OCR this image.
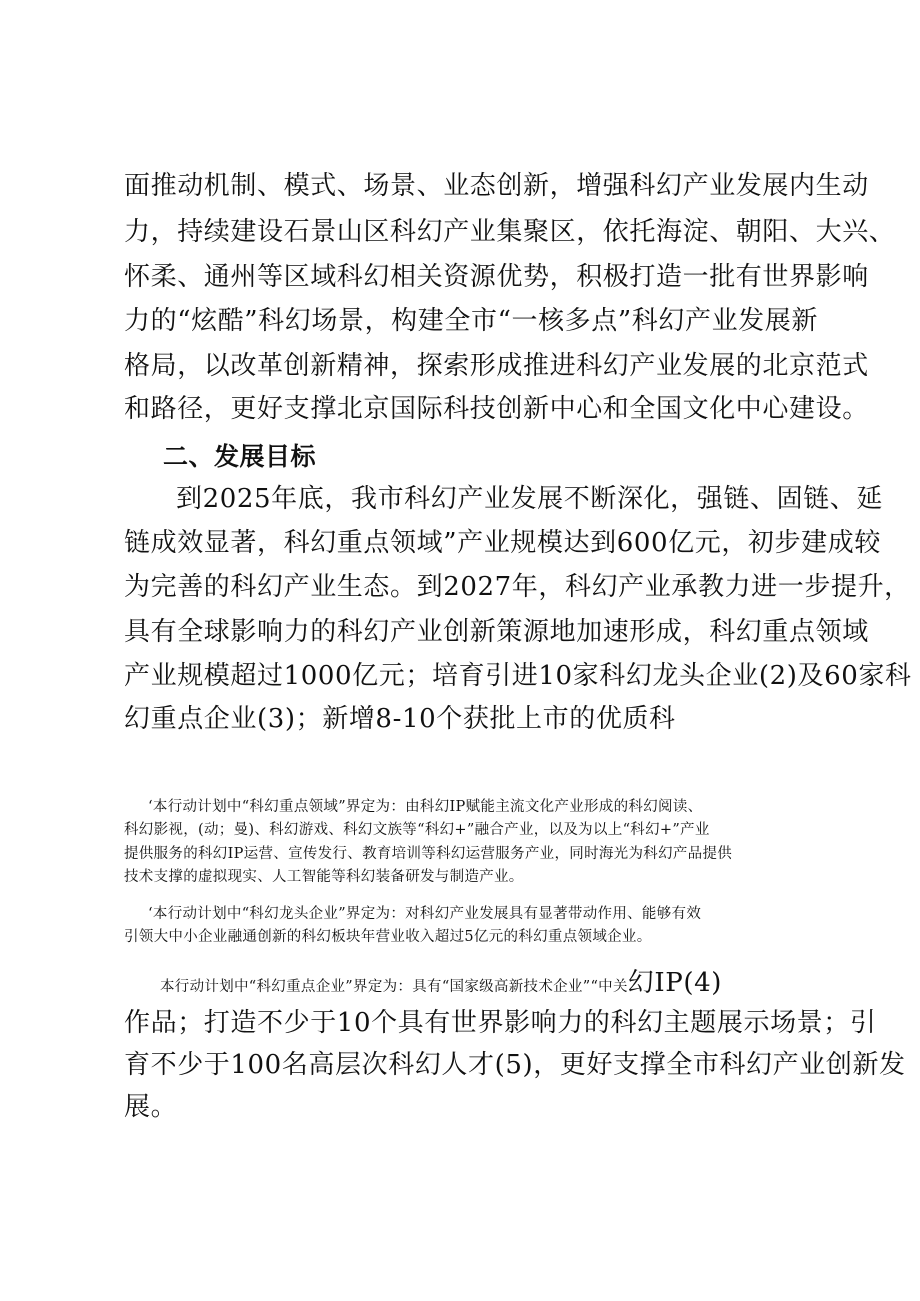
面推动机制、模式、场景、业态创新，增强科幻产业发展内生动
力，持续建设石景山区科幻产业集聚区，依托海淀、朝阳、大兴、
怀柔、通州等区域科幻相关资源优势，积极打造一批有世界影响
力的“炫酷”科幻场景，构建全市“一核多点”科幻产业发展新
格局，以改革创新精神，探索形成推进科幻产业发展的北京范式
和路径，更好支撑北京国际科技创新中心和全国文化中心建设。
二、发展目标
到2025年底，我市科幻产业发展不断深化，强链、固链、延
链成效显著，科幻重点领域”产业规模达到600亿元，初步建成较
为完善的科幻产业生态。到2027年，科幻产业承教力进一步提升，
具有全球影响力的科幻产业创新策源地加速形成，科幻重点领域
产业规模超过1000亿元；培育引进10家科幻龙头企业(2)及60家科
幻重点企业(3)；新增8-10个获批上市的优质科
‘本行动计划中“科幻重点领域”界定为：由科幻IP赋能主流文化产业形成的科幻阅读、
科幻影视，(动；曼)、科幻游戏、科幻文族等“科幻+”融合产业，以及为以上“科幻+”产业
提供服务的科幻IP运营、宣传发行、教育培训等科幻运营服务产业，同时海光为科幻产品提供
技术支撑的虚拟现实、人工智能等科幻装备研发与制造产业。
‘本行动计划中“科幻龙头企业”界定为：对科幻产业发展具有显著带动作用、能够有效
引领大中小企业融通创新的科幻板块年营业收入超过5亿元的科幻重点领域企业。
本行动计划中“科幻重点企业”界定为：具有“国家级高新技术企业”“中关幻IP(4)
作品；打造不少于10个具有世界影响力的科幻主题展示场景；引
育不少于100名高层次科幻人才(5)，更好支撑全市科幻产业创新发
展。
